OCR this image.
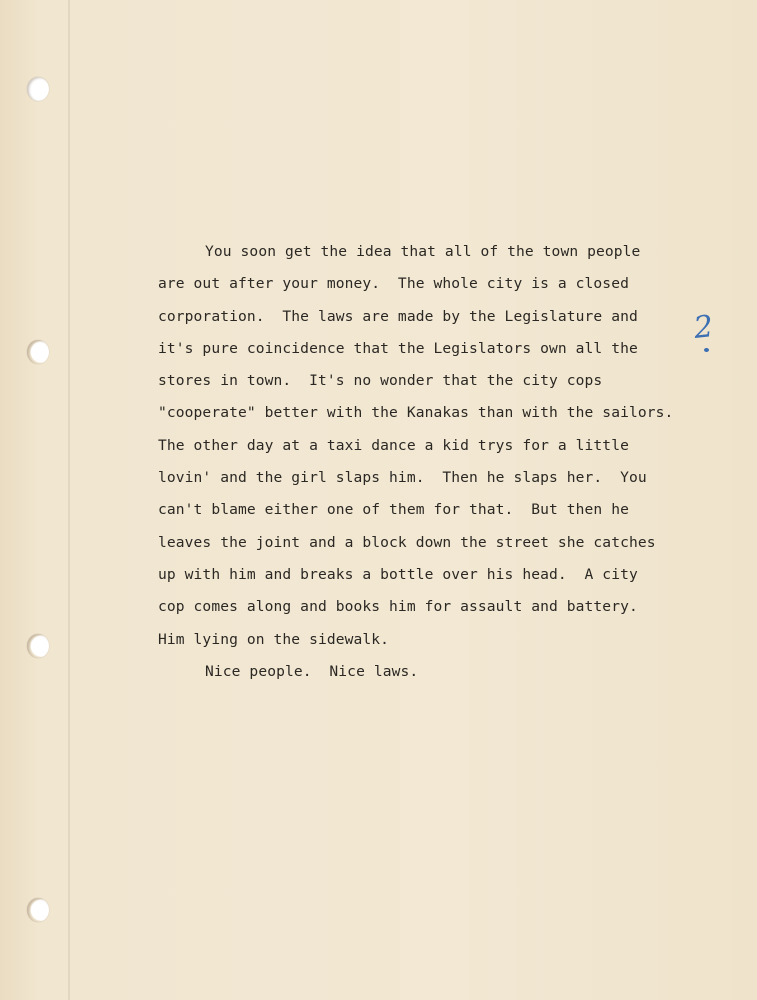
2
You soon get the idea that all of the town people
are out after your money.  The whole city is a closed
corporation.  The laws are made by the Legislature and
it's pure coincidence that the Legislators own all the
stores in town.  It's no wonder that the city cops
"cooperate" better with the Kanakas than with the sailors.
The other day at a taxi dance a kid trys for a little
lovin' and the girl slaps him.  Then he slaps her.  You
can't blame either one of them for that.  But then he
leaves the joint and a block down the street she catches
up with him and breaks a bottle over his head.  A city
cop comes along and books him for assault and battery.
Him lying on the sidewalk.
Nice people.  Nice laws.
